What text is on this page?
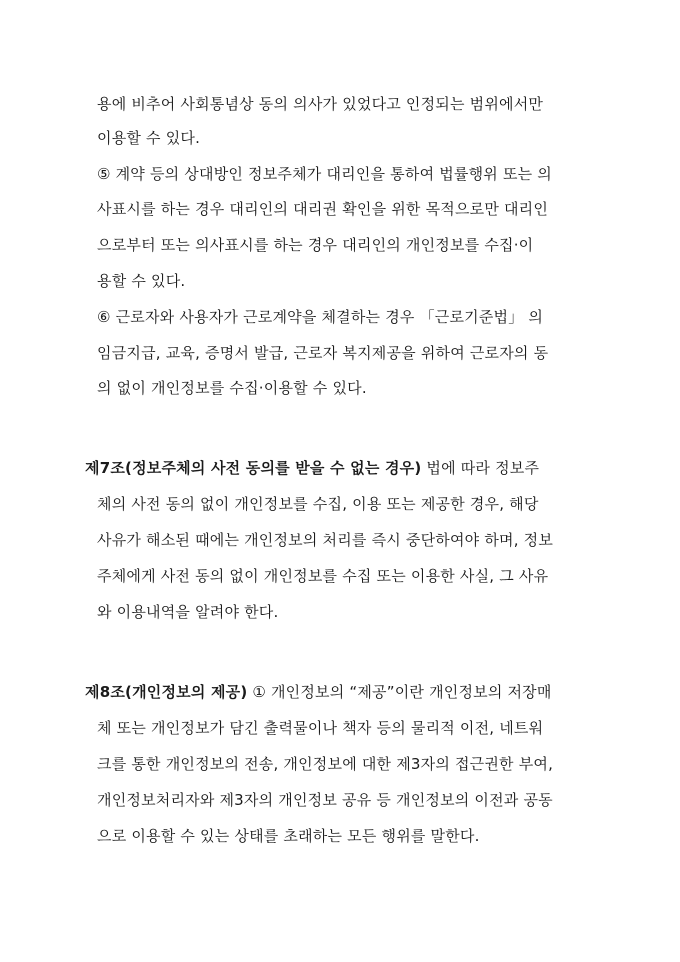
용에 비추어 사회통념상 동의 의사가 있었다고 인정되는 범위에서만
이용할 수 있다.
⑤ 계약 등의 상대방인 정보주체가 대리인을 통하여 법률행위 또는 의
사표시를 하는 경우 대리인의 대리권 확인을 위한 목적으로만 대리인
으로부터 또는 의사표시를 하는 경우 대리인의 개인정보를 수집·이
용할 수 있다.
⑥ 근로자와 사용자가 근로계약을 체결하는 경우 「근로기준법」 의
임금지급, 교육, 증명서 발급, 근로자 복지제공을 위하여 근로자의 동
의 없이 개인정보를 수집·이용할 수 있다.
제7조(정보주체의 사전 동의를 받을 수 없는 경우) 법에 따라 정보주
체의 사전 동의 없이 개인정보를 수집, 이용 또는 제공한 경우, 해당
사유가 해소된 때에는 개인정보의 처리를 즉시 중단하여야 하며, 정보
주체에게 사전 동의 없이 개인정보를 수집 또는 이용한 사실, 그 사유
와 이용내역을 알려야 한다.
제8조(개인정보의 제공) ① 개인정보의 “제공”이란 개인정보의 저장매
체 또는 개인정보가 담긴 출력물이나 책자 등의 물리적 이전, 네트워
크를 통한 개인정보의 전송, 개인정보에 대한 제3자의 접근권한 부여,
개인정보처리자와 제3자의 개인정보 공유 등 개인정보의 이전과 공동
으로 이용할 수 있는 상태를 초래하는 모든 행위를 말한다.
